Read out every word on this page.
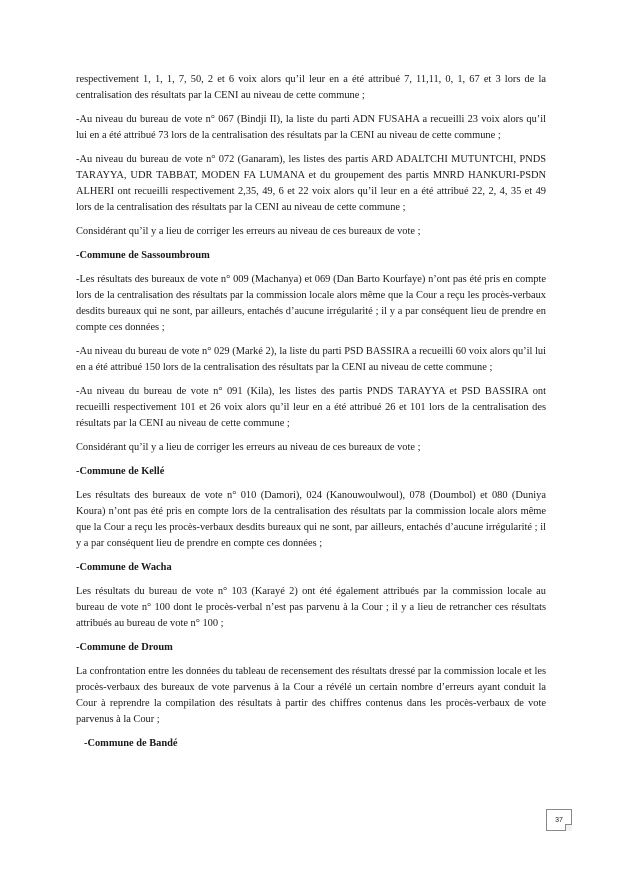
respectivement 1, 1, 1, 7, 50, 2 et 6 voix alors qu’il leur en a été attribué 7, 11,11, 0, 1, 67 et 3 lors de la centralisation des résultats par la CENI au niveau de cette commune ;
-Au niveau du bureau de vote n° 067 (Bindji II), la liste du parti ADN FUSAHA a recueilli 23 voix alors qu’il lui en a été attribué 73 lors de la centralisation des résultats par la CENI au niveau de cette commune ;
-Au niveau du bureau de vote n° 072 (Ganaram), les listes des partis ARD ADALTCHI MUTUNTCHI, PNDS TARAYYA, UDR TABBAT, MODEN FA LUMANA et du groupement des partis MNRD HANKURI-PSDN ALHERI ont recueilli respectivement 2,35, 49, 6 et 22 voix alors qu’il leur en a été attribué 22, 2, 4, 35 et 49 lors de la centralisation des résultats par la CENI au niveau de cette commune ;
Considérant qu’il y a lieu de corriger les erreurs au niveau de ces bureaux de vote ;
-Commune de Sassoumbroum
-Les résultats des bureaux de vote n° 009 (Machanya) et 069 (Dan Barto Kourfaye) n’ont pas été pris en compte lors de la centralisation des résultats par la commission locale alors même que la Cour a reçu les procès-verbaux desdits bureaux qui ne sont, par ailleurs, entachés d’aucune irrégularité ; il y a par conséquent lieu de prendre en compte ces données ;
-Au niveau du bureau de vote n° 029 (Marké 2), la liste du parti PSD BASSIRA a recueilli 60 voix alors qu’il lui en a été attribué 150 lors de la centralisation des résultats par la CENI au niveau de cette commune ;
-Au niveau du bureau de vote n° 091 (Kila), les listes des partis PNDS TARAYYA et PSD BASSIRA ont recueilli respectivement 101 et 26 voix alors qu’il leur en a été attribué 26 et 101 lors de la centralisation des résultats par la CENI au niveau de cette commune ;
Considérant qu’il y a lieu de corriger les erreurs au niveau de ces bureaux de vote ;
-Commune de Kellé
Les résultats des bureaux de vote n° 010 (Damori), 024 (Kanouwoulwoul), 078 (Doumbol) et 080 (Duniya Koura) n’ont pas été pris en compte lors de la centralisation des résultats par la commission locale alors même que la Cour a reçu les procès-verbaux desdits bureaux qui ne sont, par ailleurs, entachés d’aucune irrégularité ; il y a par conséquent lieu de prendre en compte ces données ;
-Commune de Wacha
Les résultats du bureau de vote n° 103 (Karayé 2) ont été également attribués par la commission locale au bureau de vote n° 100 dont le procès-verbal n’est pas parvenu à la Cour ; il y a lieu de retrancher ces résultats attribués au bureau de vote n° 100 ;
-Commune de Droum
La confrontation entre les données du tableau de recensement des résultats dressé par la commission locale et les procès-verbaux des bureaux de vote parvenus à la Cour a révélé un certain nombre d’erreurs ayant conduit la Cour à reprendre la compilation des résultats à partir des chiffres contenus dans les procès-verbaux de vote parvenus à la Cour ;
-Commune de Bandé
37
